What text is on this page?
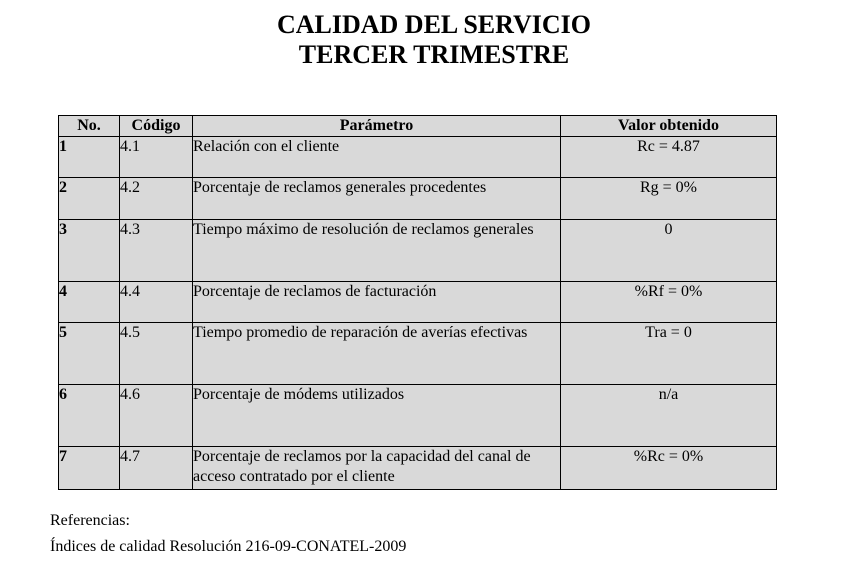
CALIDAD DEL SERVICIO
TERCER TRIMESTRE
No.	Código	Parámetro	Valor obtenido
1	4.1	Relación con el cliente	Rc = 4.87
2	4.2	Porcentaje de reclamos generales procedentes	Rg = 0%
3	4.3	Tiempo máximo de resolución de reclamos generales	0
4	4.4	Porcentaje de reclamos de facturación	%Rf = 0%
5	4.5	Tiempo promedio de reparación de averías efectivas	Tra = 0
6	4.6	Porcentaje de módems utilizados	n/a
7	4.7	Porcentaje de reclamos por la capacidad del canal de acceso contratado por el cliente	%Rc = 0%
Referencias:
Índices de calidad Resolución 216-09-CONATEL-2009
